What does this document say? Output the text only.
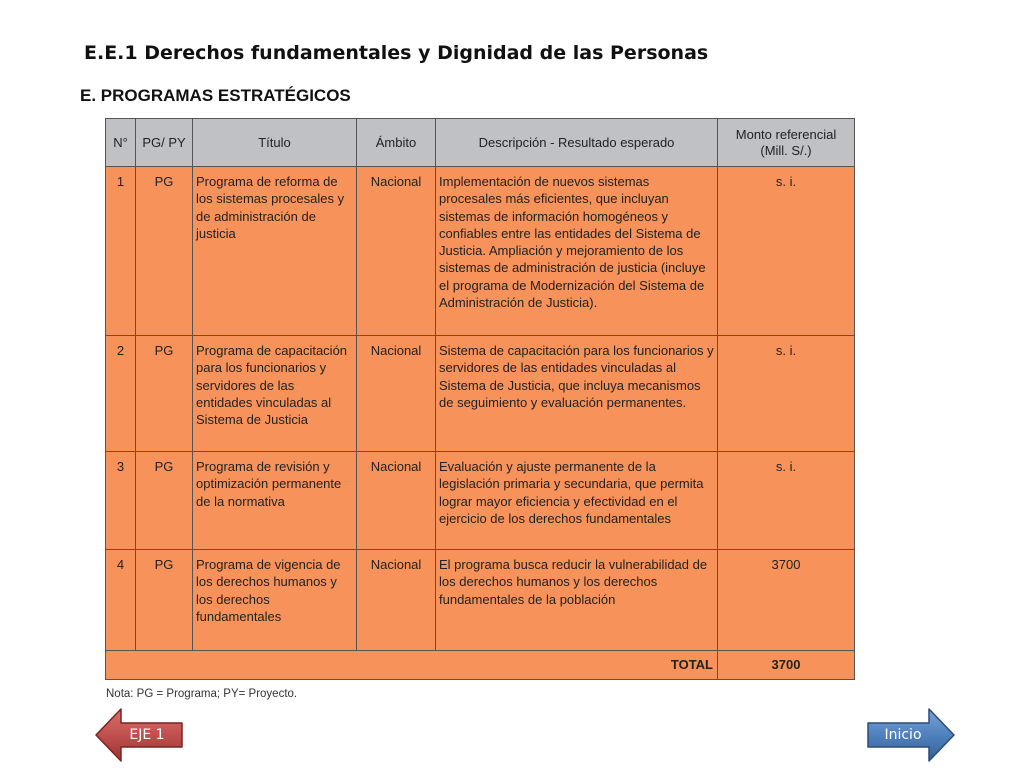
E.E.1 Derechos fundamentales y Dignidad de las Personas
E. PROGRAMAS ESTRATÉGICOS
N°	PG/ PY	Título	Ámbito	Descripción - Resultado esperado	Monto referencial
(Mill. S/.)
1	PG	Programa de reforma de los sistemas procesales y de administración de justicia	Nacional	Implementación de nuevos sistemas procesales más eficientes, que incluyan sistemas de información homogéneos y confiables entre las entidades del Sistema de Justicia. Ampliación y mejoramiento de los sistemas de administración de justicia (incluye el programa de Modernización del Sistema de Administración de Justicia).	s. i.
2	PG	Programa de capacitación para los funcionarios y servidores de las entidades vinculadas al Sistema de Justicia	Nacional	Sistema de capacitación para los funcionarios y servidores de las entidades vinculadas al Sistema de Justicia, que incluya mecanismos de seguimiento y evaluación permanentes.	s. i.
3	PG	Programa de revisión y optimización permanente de la normativa	Nacional	Evaluación y ajuste permanente de la legislación primaria y secundaria, que permita lograr mayor eficiencia y efectividad en el ejercicio de los derechos fundamentales	s. i.
4	PG	Programa de vigencia de los derechos humanos y los derechos fundamentales	Nacional	El programa busca reducir la vulnerabilidad de los derechos humanos y los derechos fundamentales de la población	3700
TOTAL					3700
Nota: PG = Programa; PY= Proyecto.
EJE 1	Inicio
